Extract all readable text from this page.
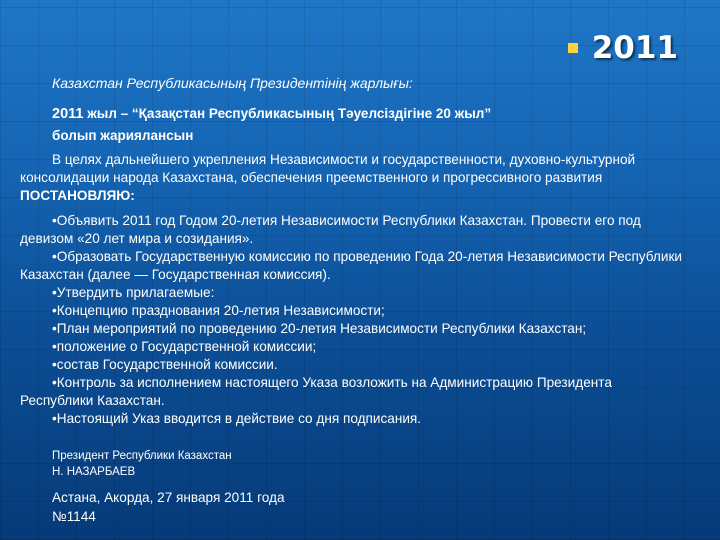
2011
Казахстан Республикасының Президентінің жарлығы:
2011 жыл – “Қазақстан Республикасының Тәуелсіздігіне 20 жыл”
болып жариялансын
В целях дальнейшего укрепления Независимости и государственности, духовно-культурной консолидации народа Казахстана, обеспечения преемственного и прогрессивного развития ПОСТАНОВЛЯЮ:

•Объявить 2011 год Годом 20-летия Независимости Республики Казахстан. Провести его под девизом «20 лет мира и созидания».

•Образовать Государственную комиссию по проведению Года 20-летия Независимости Республики Казахстан (далее — Государственная комиссия).

•Утвердить прилагаемые:

•Концепцию празднования 20-летия Независимости;

•План мероприятий по проведению 20-летия Независимости Республики Казахстан;

•положение о Государственной комиссии;

•состав Государственной комиссии.

•Контроль за исполнением настоящего Указа возложить на Администрацию Президента Республики Казахстан.

•Настоящий Указ вводится в действие со дня подписания.

Президент Республики Казахстан
Н. НАЗАРБАЕВ
Астана, Акорда, 27 января 2011 года
№1144
